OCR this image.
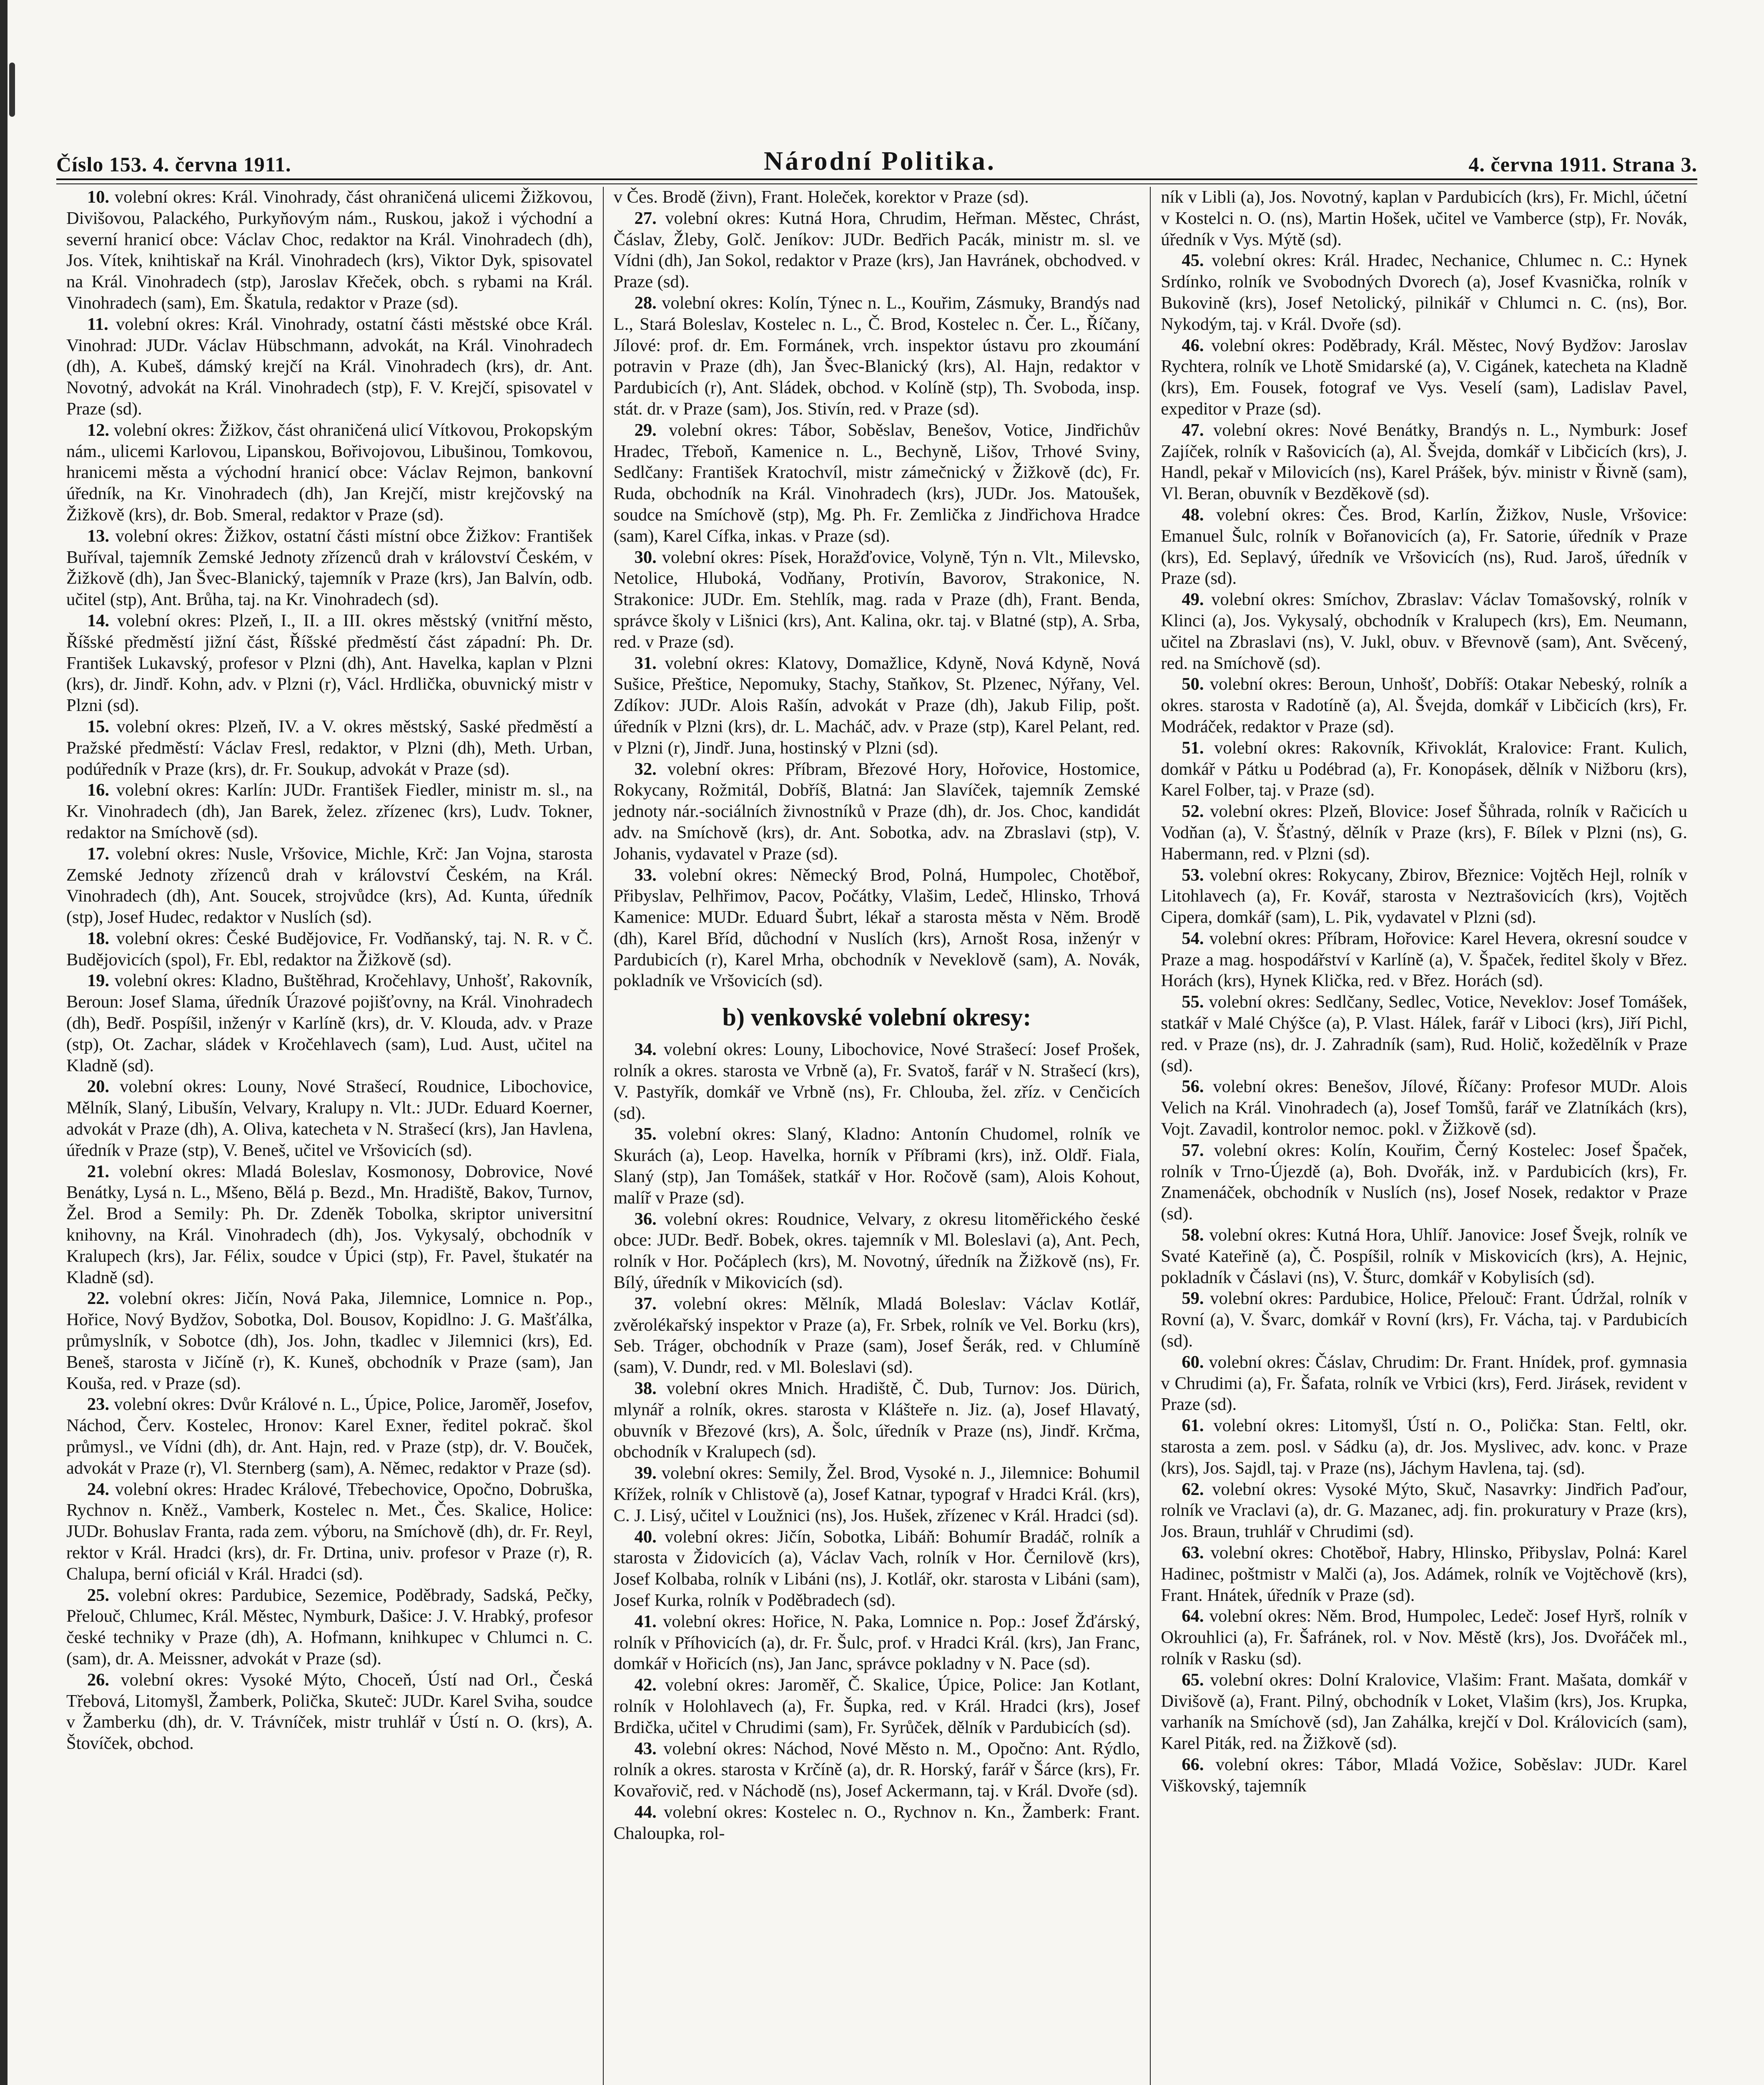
Číslo 153. 4. června 1911.	Národní Politika.	4. června 1911. Strana 3.

10. volební okres: Král. Vinohrady, část ohraničená ulicemi Žižkovou, Divišovou, Palackého, Purkyňovým nám., Ruskou, jakož i východní a severní hranicí obce: Václav Choc, redaktor na Král. Vinohradech (dh), Jos. Vítek, knihtiskař na Král. Vinohradech (krs), Viktor Dyk, spisovatel na Král. Vinohradech (stp), Jaroslav Křeček, obch. s rybami na Král. Vinohradech (sam), Em. Škatula, redaktor v Praze (sd).

11. volební okres: Král. Vinohrady, ostatní části městské obce Král. Vinohrad: JUDr. Václav Hübschmann, advokát, na Král. Vinohradech (dh), A. Kubeš, dámský krejčí na Král. Vinohradech (krs), dr. Ant. Novotný, advokát na Král. Vinohradech (stp), F. V. Krejčí, spisovatel v Praze (sd).

12. volební okres: Žižkov, část ohraničená ulicí Vítkovou, Prokopským nám., ulicemi Karlovou, Lipanskou, Bořivojovou, Libušinou, Tomkovou, hranicemi města a východní hranicí obce: Václav Rejmon, bankovní úředník, na Kr. Vinohradech (dh), Jan Krejčí, mistr krejčovský na Žižkově (krs), dr. Bob. Smeral, redaktor v Praze (sd).

13. volební okres: Žižkov, ostatní části místní obce Žižkov: František Buříval, tajemník Zemské Jednoty zřízenců drah v království Českém, v Žižkově (dh), Jan Švec-Blanický, tajemník v Praze (krs), Jan Balvín, odb. učitel (stp), Ant. Brůha, taj. na Kr. Vinohradech (sd).

14. volební okres: Plzeň, I., II. a III. okres městský (vnitřní město, Říšské předměstí jižní část, Říšské předměstí část západní: Ph. Dr. František Lukavský, profesor v Plzni (dh), Ant. Havelka, kaplan v Plzni (krs), dr. Jindř. Kohn, adv. v Plzni (r), Václ. Hrdlička, obuvnický mistr v Plzni (sd).

15. volební okres: Plzeň, IV. a V. okres městský, Saské předměstí a Pražské předměstí: Václav Fresl, redaktor, v Plzni (dh), Meth. Urban, podúředník v Praze (krs), dr. Fr. Soukup, advokát v Praze (sd).

16. volební okres: Karlín: JUDr. František Fiedler, ministr m. sl., na Kr. Vinohradech (dh), Jan Barek, želez. zřízenec (krs), Ludv. Tokner, redaktor na Smíchově (sd).

17. volební okres: Nusle, Vršovice, Michle, Krč: Jan Vojna, starosta Zemské Jednoty zřízenců drah v království Českém, na Král. Vinohradech (dh), Ant. Soucek, strojvůdce (krs), Ad. Kunta, úředník (stp), Josef Hudec, redaktor v Nuslích (sd).

18. volební okres: České Budějovice, Fr. Vodňanský, taj. N. R. v Č. Budějovicích (spol), Fr. Ebl, redaktor na Žižkově (sd).

19. volební okres: Kladno, Buštěhrad, Kročehlavy, Unhošť, Rakovník, Beroun: Josef Slama, úředník Úrazové pojišťovny, na Král. Vinohradech (dh), Bedř. Pospíšil, inženýr v Karlíně (krs), dr. V. Klouda, adv. v Praze (stp), Ot. Zachar, sládek v Kročehlavech (sam), Lud. Aust, učitel na Kladně (sd).

20. volební okres: Louny, Nové Strašecí, Roudnice, Libochovice, Mělník, Slaný, Libušín, Velvary, Kralupy n. Vlt.: JUDr. Eduard Koerner, advokát v Praze (dh), A. Oliva, katecheta v N. Strašecí (krs), Jan Havlena, úředník v Praze (stp), V. Beneš, učitel ve Vršovicích (sd).

21. volební okres: Mladá Boleslav, Kosmonosy, Dobrovice, Nové Benátky, Lysá n. L., Mšeno, Bělá p. Bezd., Mn. Hradiště, Bakov, Turnov, Žel. Brod a Semily: Ph. Dr. Zdeněk Tobolka, skriptor universitní knihovny, na Král. Vinohradech (dh), Jos. Vykysalý, obchodník v Kralupech (krs), Jar. Félix, soudce v Úpici (stp), Fr. Pavel, štukatér na Kladně (sd).

22. volební okres: Jičín, Nová Paka, Jilemnice, Lomnice n. Pop., Hořice, Nový Bydžov, Sobotka, Dol. Bousov, Kopidlno: J. G. Mašťálka, průmyslník, v Sobotce (dh), Jos. John, tkadlec v Jilemnici (krs), Ed. Beneš, starosta v Jičíně (r), K. Kuneš, obchodník v Praze (sam), Jan Kouša, red. v Praze (sd).

23. volební okres: Dvůr Králové n. L., Úpice, Police, Jaroměř, Josefov, Náchod, Červ. Kostelec, Hronov: Karel Exner, ředitel pokrač. škol průmysl., ve Vídni (dh), dr. Ant. Hajn, red. v Praze (stp), dr. V. Bouček, advokát v Praze (r), Vl. Sternberg (sam), A. Němec, redaktor v Praze (sd).

24. volební okres: Hradec Králové, Třebechovice, Opočno, Dobruška, Rychnov n. Kněž., Vamberk, Kostelec n. Met., Čes. Skalice, Holice: JUDr. Bohuslav Franta, rada zem. výboru, na Smíchově (dh), dr. Fr. Reyl, rektor v Král. Hradci (krs), dr. Fr. Drtina, univ. profesor v Praze (r), R. Chalupa, berní oficiál v Král. Hradci (sd).

25. volební okres: Pardubice, Sezemice, Poděbrady, Sadská, Pečky, Přelouč, Chlumec, Král. Městec, Nymburk, Dašice: J. V. Hrabký, profesor české techniky v Praze (dh), A. Hofmann, knihkupec v Chlumci n. C. (sam), dr. A. Meissner, advokát v Praze (sd).

26. volební okres: Vysoké Mýto, Choceň, Ústí nad Orl., Česká Třebová, Litomyšl, Žamberk, Polička, Skuteč: JUDr. Karel Sviha, soudce v Žamberku (dh), dr. V. Trávníček, mistr truhlář v Ústí n. O. (krs), A. Štovíček, obchod.

v Čes. Brodě (živn), Frant. Holeček, korektor v Praze (sd).

27. volební okres: Kutná Hora, Chrudim, Heřman. Městec, Chrást, Čáslav, Žleby, Golč. Jeníkov: JUDr. Bedřich Pacák, ministr m. sl. ve Vídni (dh), Jan Sokol, redaktor v Praze (krs), Jan Havránek, obchodved. v Praze (sd).

28. volební okres: Kolín, Týnec n. L., Kouřim, Zásmuky, Brandýs nad L., Stará Boleslav, Kostelec n. L., Č. Brod, Kostelec n. Čer. L., Říčany, Jílové: prof. dr. Em. Formánek, vrch. inspektor ústavu pro zkoumání potravin v Praze (dh), Jan Švec-Blanický (krs), Al. Hajn, redaktor v Pardubicích (r), Ant. Sládek, obchod. v Kolíně (stp), Th. Svoboda, insp. stát. dr. v Praze (sam), Jos. Stivín, red. v Praze (sd).

29. volební okres: Tábor, Soběslav, Benešov, Votice, Jindřichův Hradec, Třeboň, Kamenice n. L., Bechyně, Lišov, Trhové Sviny, Sedlčany: František Kratochvíl, mistr zámečnický v Žižkově (dc), Fr. Ruda, obchodník na Král. Vinohradech (krs), JUDr. Jos. Matoušek, soudce na Smíchově (stp), Mg. Ph. Fr. Zemlička z Jindřichova Hradce (sam), Karel Cífka, inkas. v Praze (sd).

30. volební okres: Písek, Horažďovice, Volyně, Týn n. Vlt., Milevsko, Netolice, Hluboká, Vodňany, Protivín, Bavorov, Strakonice, N. Strakonice: JUDr. Em. Stehlík, mag. rada v Praze (dh), Frant. Benda, správce školy v Lišnici (krs), Ant. Kalina, okr. taj. v Blatné (stp), A. Srba, red. v Praze (sd).

31. volební okres: Klatovy, Domažlice, Kdyně, Nová Kdyně, Nová Sušice, Přeštice, Nepomuky, Stachy, Staňkov, St. Plzenec, Nýřany, Vel. Zdíkov: JUDr. Alois Rašín, advokát v Praze (dh), Jakub Filip, pošt. úředník v Plzni (krs), dr. L. Macháč, adv. v Praze (stp), Karel Pelant, red. v Plzni (r), Jindř. Juna, hostinský v Plzni (sd).

32. volební okres: Příbram, Březové Hory, Hořovice, Hostomice, Rokycany, Rožmitál, Dobříš, Blatná: Jan Slavíček, tajemník Zemské jednoty nár.-sociálních živnostníků v Praze (dh), dr. Jos. Choc, kandidát adv. na Smíchově (krs), dr. Ant. Sobotka, adv. na Zbraslavi (stp), V. Johanis, vydavatel v Praze (sd).

33. volební okres: Německý Brod, Polná, Humpolec, Chotěboř, Přibyslav, Pelhřimov, Pacov, Počátky, Vlašim, Ledeč, Hlinsko, Trhová Kamenice: MUDr. Eduard Šubrt, lékař a starosta města v Něm. Brodě (dh), Karel Bříd, důchodní v Nuslích (krs), Arnošt Rosa, inženýr v Pardubicích (r), Karel Mrha, obchodník v Neveklově (sam), A. Novák, pokladník ve Vršovicích (sd).

b) venkovské volební okresy:

34. volební okres: Louny, Libochovice, Nové Strašecí: Josef Prošek, rolník a okres. starosta ve Vrbně (a), Fr. Svatoš, farář v N. Strašecí (krs), V. Pastyřík, domkář ve Vrbně (ns), Fr. Chlouba, žel. zříz. v Cenčicích (sd).

35. volební okres: Slaný, Kladno: Antonín Chudomel, rolník ve Skurách (a), Leop. Havelka, horník v Příbrami (krs), inž. Oldř. Fiala, Slaný (stp), Jan Tomášek, statkář v Hor. Ročově (sam), Alois Kohout, malíř v Praze (sd).

36. volební okres: Roudnice, Velvary, z okresu litoměřického české obce: JUDr. Bedř. Bobek, okres. tajemník v Ml. Boleslavi (a), Ant. Pech, rolník v Hor. Počáplech (krs), M. Novotný, úředník na Žižkově (ns), Fr. Bílý, úředník v Mikovicích (sd).

37. volební okres: Mělník, Mladá Boleslav: Václav Kotlář, zvěrolékařský inspektor v Praze (a), Fr. Srbek, rolník ve Vel. Borku (krs), Seb. Tráger, obchodník v Praze (sam), Josef Šerák, red. v Chlumíně (sam), V. Dundr, red. v Ml. Boleslavi (sd).

38. volební okres Mnich. Hradiště, Č. Dub, Turnov: Jos. Dürich, mlynář a rolník, okres. starosta v Klášteře n. Jiz. (a), Josef Hlavatý, obuvník v Březové (krs), A. Šolc, úředník v Praze (ns), Jindř. Krčma, obchodník v Kralupech (sd).

39. volební okres: Semily, Žel. Brod, Vysoké n. J., Jilemnice: Bohumil Křížek, rolník v Chlistově (a), Josef Katnar, typograf v Hradci Král. (krs), C. J. Lisý, učitel v Loužnici (ns), Jos. Hušek, zřízenec v Král. Hradci (sd).

40. volební okres: Jičín, Sobotka, Libáň: Bohumír Bradáč, rolník a starosta v Židovicích (a), Václav Vach, rolník v Hor. Černilově (krs), Josef Kolbaba, rolník v Libáni (ns), J. Kotlář, okr. starosta v Libáni (sam), Josef Kurka, rolník v Poděbradech (sd).

41. volební okres: Hořice, N. Paka, Lomnice n. Pop.: Josef Žďárský, rolník v Příhovicích (a), dr. Fr. Šulc, prof. v Hradci Král. (krs), Jan Franc, domkář v Hořicích (ns), Jan Janc, správce pokladny v N. Pace (sd).

42. volební okres: Jaroměř, Č. Skalice, Úpice, Police: Jan Kotlant, rolník v Holohlavech (a), Fr. Šupka, red. v Král. Hradci (krs), Josef Brdička, učitel v Chrudimi (sam), Fr. Syrůček, dělník v Pardubicích (sd).

43. volební okres: Náchod, Nové Město n. M., Opočno: Ant. Rýdlo, rolník a okres. starosta v Krčíně (a), dr. R. Horský, farář v Šárce (krs), Fr. Kovařovič, red. v Náchodě (ns), Josef Ackermann, taj. v Král. Dvoře (sd).

44. volební okres: Kostelec n. O., Rychnov n. Kn., Žamberk: Frant. Chaloupka, rol-

ník v Libli (a), Jos. Novotný, kaplan v Pardubicích (krs), Fr. Michl, účetní v Kostelci n. O. (ns), Martin Hošek, učitel ve Vamberce (stp), Fr. Novák, úředník v Vys. Mýtě (sd).

45. volební okres: Král. Hradec, Nechanice, Chlumec n. C.: Hynek Srdínko, rolník ve Svobodných Dvorech (a), Josef Kvasnička, rolník v Bukovině (krs), Josef Netolický, pilnikář v Chlumci n. C. (ns), Bor. Nykodým, taj. v Král. Dvoře (sd).

46. volební okres: Poděbrady, Král. Městec, Nový Bydžov: Jaroslav Rychtera, rolník ve Lhotě Smidarské (a), V. Cigánek, katecheta na Kladně (krs), Em. Fousek, fotograf ve Vys. Veselí (sam), Ladislav Pavel, expeditor v Praze (sd).

47. volební okres: Nové Benátky, Brandýs n. L., Nymburk: Josef Zajíček, rolník v Rašovicích (a), Al. Švejda, domkář v Libčicích (krs), J. Handl, pekař v Milovicích (ns), Karel Prášek, býv. ministr v Řivně (sam), Vl. Beran, obuvník v Bezděkově (sd).

48. volební okres: Čes. Brod, Karlín, Žižkov, Nusle, Vršovice: Emanuel Šulc, rolník v Bořanovicích (a), Fr. Satorie, úředník v Praze (krs), Ed. Seplavý, úředník ve Vršovicích (ns), Rud. Jaroš, úředník v Praze (sd).

49. volební okres: Smíchov, Zbraslav: Václav Tomašovský, rolník v Klinci (a), Jos. Vykysalý, obchodník v Kralupech (krs), Em. Neumann, učitel na Zbraslavi (ns), V. Jukl, obuv. v Břevnově (sam), Ant. Svěcený, red. na Smíchově (sd).

50. volební okres: Beroun, Unhošť, Dobříš: Otakar Nebeský, rolník a okres. starosta v Radotíně (a), Al. Švejda, domkář v Libčicích (krs), Fr. Modráček, redaktor v Praze (sd).

51. volební okres: Rakovník, Křivoklát, Kralovice: Frant. Kulich, domkář v Pátku u Podébrad (a), Fr. Konopásek, dělník v Nižboru (krs), Karel Folber, taj. v Praze (sd).

52. volební okres: Plzeň, Blovice: Josef Šůhrada, rolník v Račicích u Vodňan (a), V. Šťastný, dělník v Praze (krs), F. Bílek v Plzni (ns), G. Habermann, red. v Plzni (sd).

53. volební okres: Rokycany, Zbirov, Březnice: Vojtěch Hejl, rolník v Litohlavech (a), Fr. Kovář, starosta v Neztrašovicích (krs), Vojtěch Cipera, domkář (sam), L. Pik, vydavatel v Plzni (sd).

54. volební okres: Příbram, Hořovice: Karel Hevera, okresní soudce v Praze a mag. hospodářství v Karlíně (a), V. Špaček, ředitel školy v Břez. Horách (krs), Hynek Klička, red. v Břez. Horách (sd).

55. volební okres: Sedlčany, Sedlec, Votice, Neveklov: Josef Tomášek, statkář v Malé Chýšce (a), P. Vlast. Hálek, farář v Liboci (krs), Jiří Pichl, red. v Praze (ns), dr. J. Zahradník (sam), Rud. Holič, kožedělník v Praze (sd).

56. volební okres: Benešov, Jílové, Říčany: Profesor MUDr. Alois Velich na Král. Vinohradech (a), Josef Tomšů, farář ve Zlatníkách (krs), Vojt. Zavadil, kontrolor nemoc. pokl. v Žižkově (sd).

57. volební okres: Kolín, Kouřim, Černý Kostelec: Josef Špaček, rolník v Trno-Újezdě (a), Boh. Dvořák, inž. v Pardubicích (krs), Fr. Znamenáček, obchodník v Nuslích (ns), Josef Nosek, redaktor v Praze (sd).

58. volební okres: Kutná Hora, Uhlíř. Janovice: Josef Švejk, rolník ve Svaté Kateřině (a), Č. Pospíšil, rolník v Miskovicích (krs), A. Hejnic, pokladník v Čáslavi (ns), V. Šturc, domkář v Kobylisích (sd).

59. volební okres: Pardubice, Holice, Přelouč: Frant. Údržal, rolník v Rovní (a), V. Švarc, domkář v Rovní (krs), Fr. Vácha, taj. v Pardubicích (sd).

60. volební okres: Čáslav, Chrudim: Dr. Frant. Hnídek, prof. gymnasia v Chrudimi (a), Fr. Šafata, rolník ve Vrbici (krs), Ferd. Jirásek, revident v Praze (sd).

61. volební okres: Litomyšl, Ústí n. O., Polička: Stan. Feltl, okr. starosta a zem. posl. v Sádku (a), dr. Jos. Myslivec, adv. konc. v Praze (krs), Jos. Sajdl, taj. v Praze (ns), Jáchym Havlena, taj. (sd).

62. volební okres: Vysoké Mýto, Skuč, Nasavrky: Jindřich Paďour, rolník ve Vraclavi (a), dr. G. Mazanec, adj. fin. prokuratury v Praze (krs), Jos. Braun, truhlář v Chrudimi (sd).

63. volební okres: Chotěboř, Habry, Hlinsko, Přibyslav, Polná: Karel Hadinec, poštmistr v Malči (a), Jos. Adámek, rolník ve Vojtěchově (krs), Frant. Hnátek, úředník v Praze (sd).

64. volební okres: Něm. Brod, Humpolec, Ledeč: Josef Hyrš, rolník v Okrouhlici (a), Fr. Šafránek, rol. v Nov. Městě (krs), Jos. Dvořáček ml., rolník v Rasku (sd).

65. volební okres: Dolní Kralovice, Vlašim: Frant. Mašata, domkář v Divišově (a), Frant. Pilný, obchodník v Loket, Vlašim (krs), Jos. Krupka, varhaník na Smíchově (sd), Jan Zahálka, krejčí v Dol. Královicích (sam), Karel Piták, red. na Žižkově (sd).

66. volební okres: Tábor, Mladá Vožice, Soběslav: JUDr. Karel Viškovský, tajemník
